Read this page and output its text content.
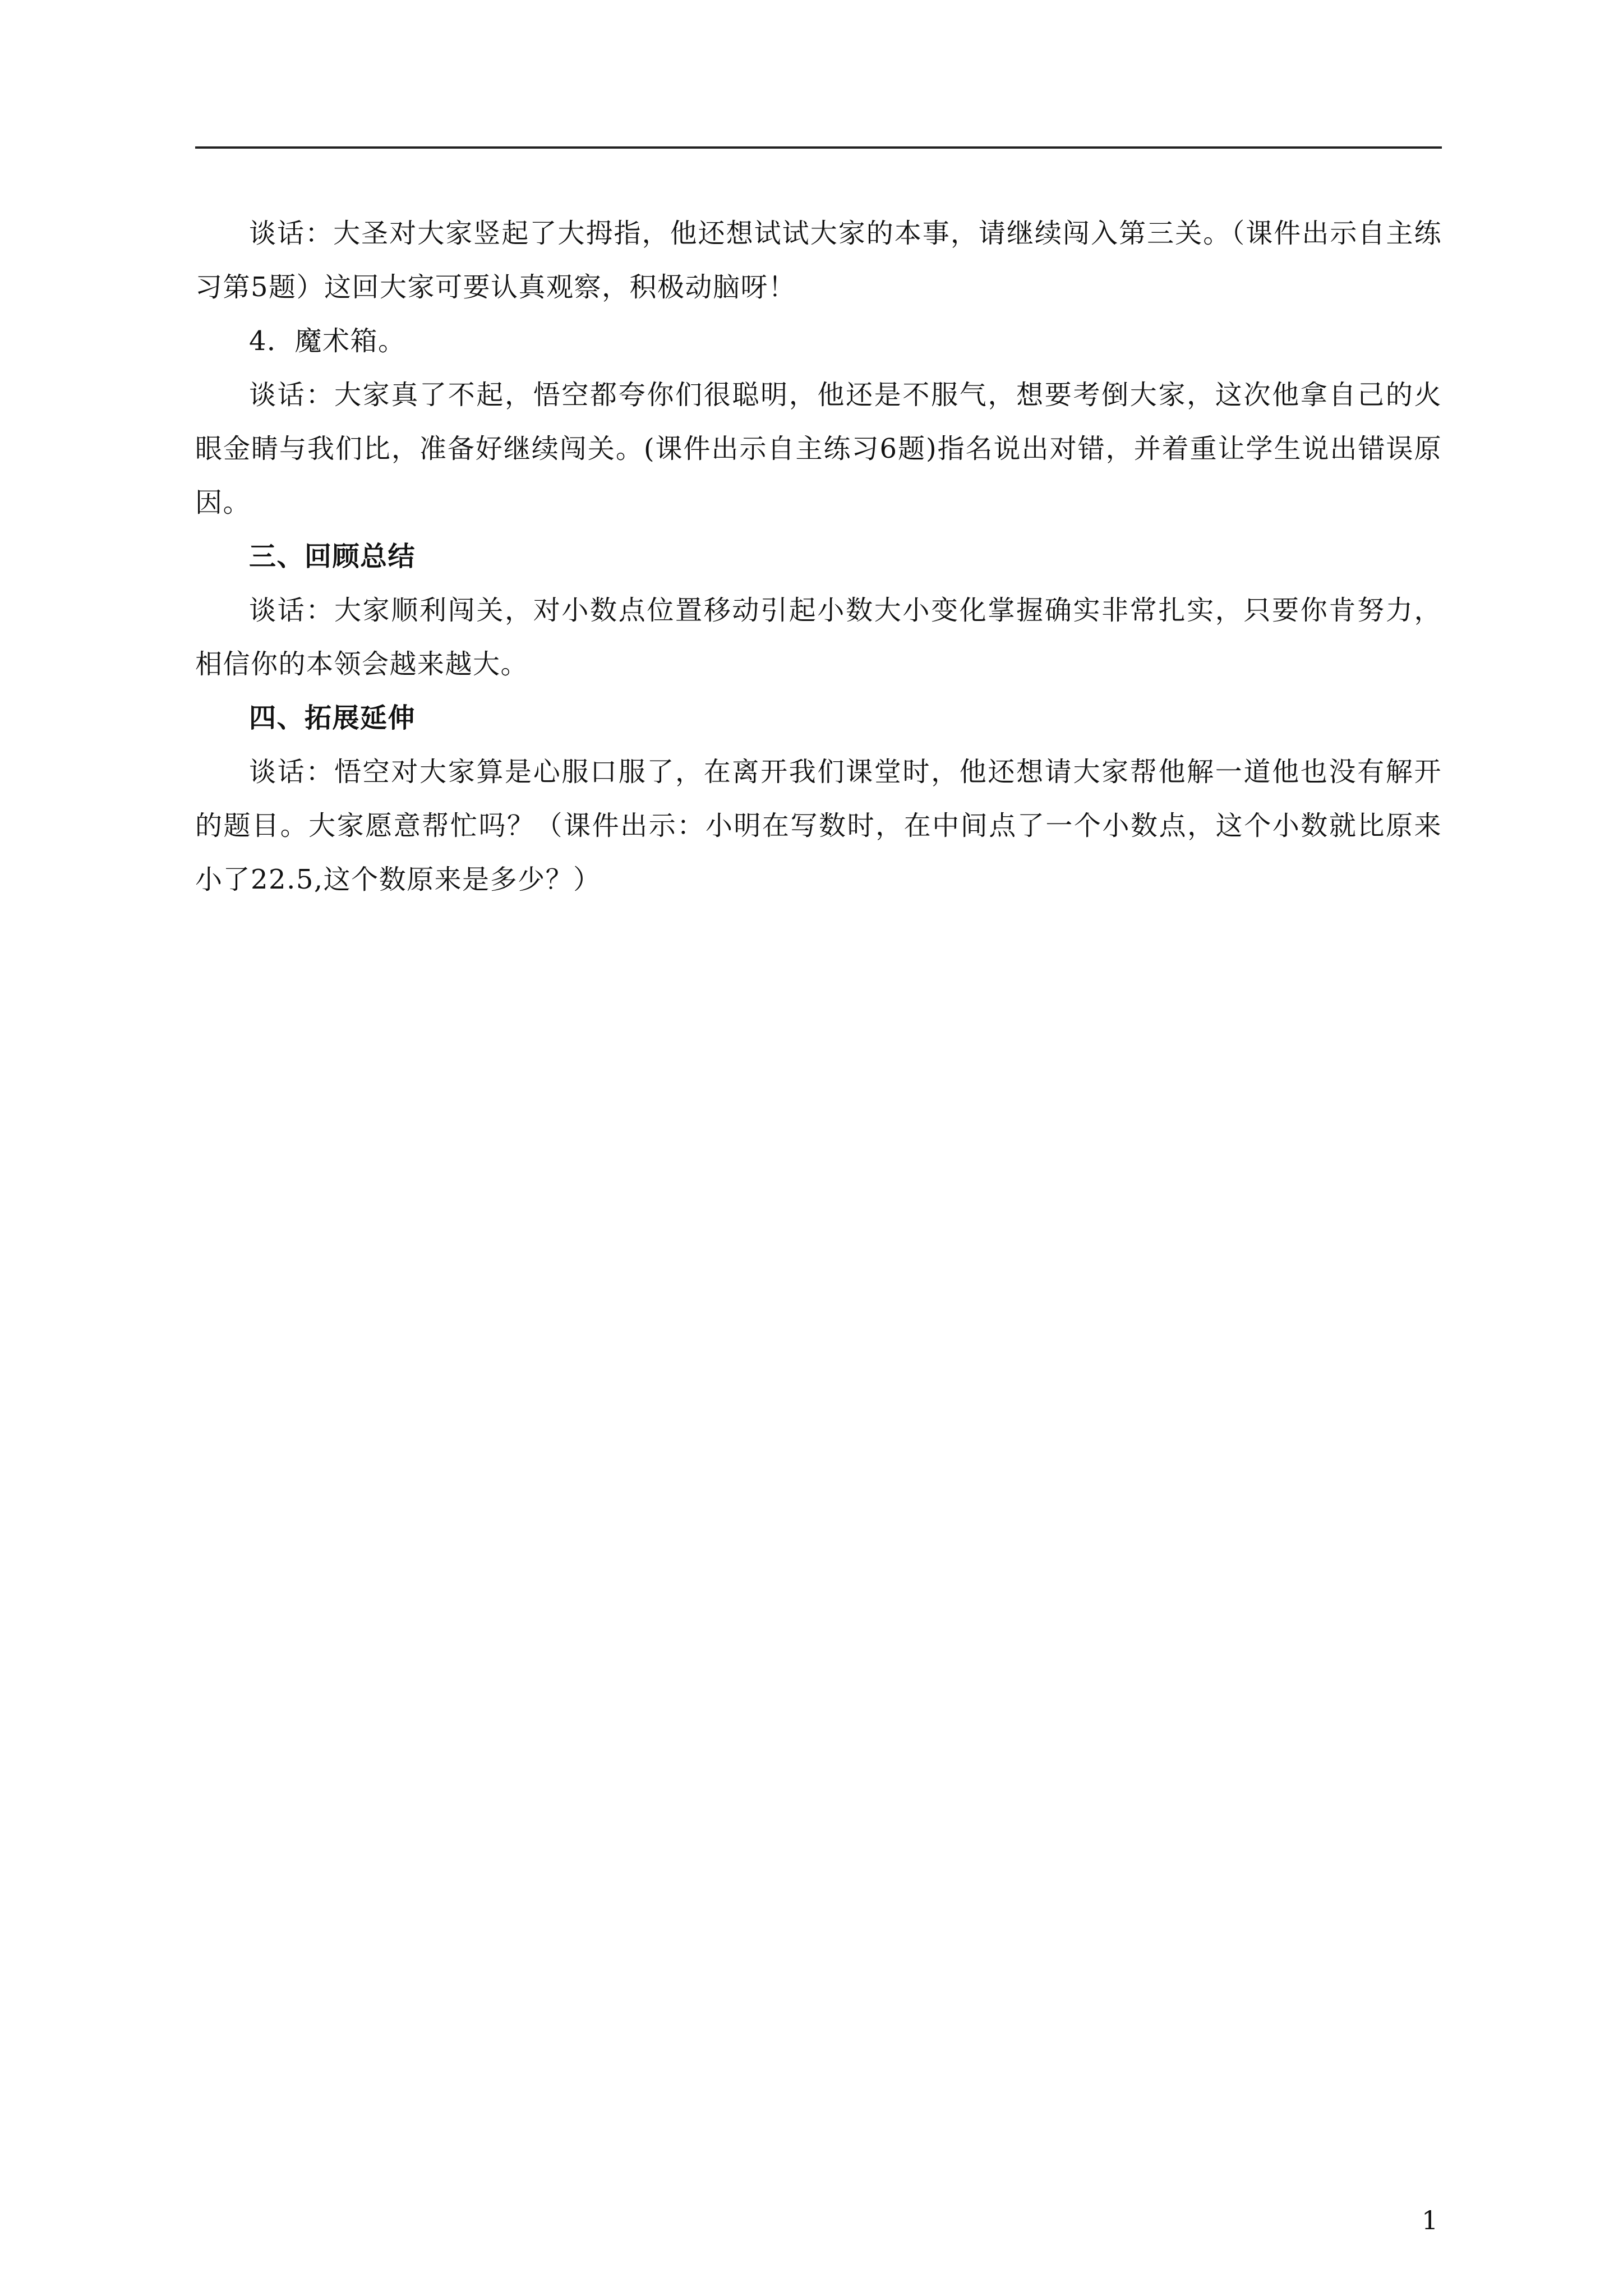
谈话：大圣对大家竖起了大拇指，他还想试试大家的本事，请继续闯入第三关。（课件出示自主练习第5题）这回大家可要认真观察，积极动脑呀！

4．魔术箱。

谈话：大家真了不起，悟空都夸你们很聪明，他还是不服气，想要考倒大家，这次他拿自己的火眼金睛与我们比，准备好继续闯关。(课件出示自主练习6题)指名说出对错，并着重让学生说出错误原因。

三、回顾总结

谈话：大家顺利闯关，对小数点位置移动引起小数大小变化掌握确实非常扎实，只要你肯努力，相信你的本领会越来越大。

四、拓展延伸

谈话：悟空对大家算是心服口服了，在离开我们课堂时，他还想请大家帮他解一道他也没有解开的题目。大家愿意帮忙吗？（课件出示：小明在写数时，在中间点了一个小数点，这个小数就比原来小了22.5,这个数原来是多少？）

1
